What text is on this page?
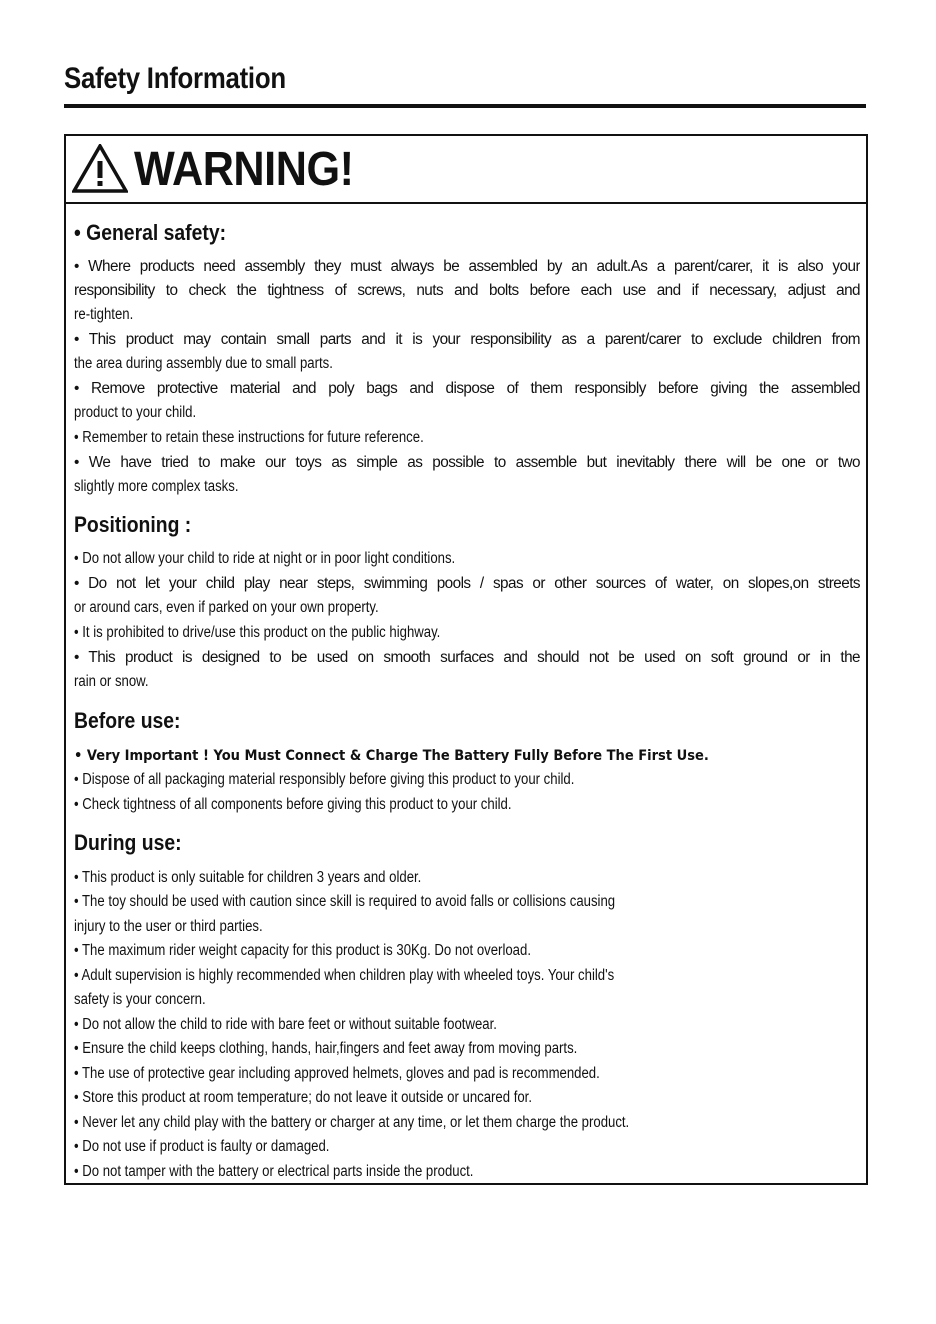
Safety Information
WARNING!
• General safety:
• Where products need assembly they must always be assembled by an adult.As a parent/carer, it is also your
responsibility to check the tightness of screws, nuts and bolts before each use and if necessary, adjust and
re-tighten.
• This product may contain small parts and it is your responsibility as a parent/carer to exclude children from
the area during assembly due to small parts.
• Remove protective material and poly bags and dispose of them responsibly before giving the assembled
product to your child.
• Remember to retain these instructions for future reference.
• We have tried to make our toys as simple as possible to assemble but inevitably there will be one or two
slightly more complex tasks.
Positioning :
• Do not allow your child to ride at night or in poor light conditions.
• Do not let your child play near steps, swimming pools / spas or other sources of water, on slopes,on streets
or around cars, even if parked on your own property.
• It is prohibited to drive/use this product on the public highway.
• This product is designed to be used on smooth surfaces and should not be used on soft ground or in the
rain or snow.
Before use:
• Very Important ! You Must Connect & Charge The Battery Fully Before The First Use.
• Dispose of all packaging material responsibly before giving this product to your child.
• Check tightness of all components before giving this product to your child.
During use:
• This product is only suitable for children 3 years and older.
• The toy should be used with caution since skill is required to avoid falls or collisions causing
injury to the user or third parties.
• The maximum rider weight capacity for this product is 30Kg. Do not overload.
• Adult supervision is highly recommended when children play with wheeled toys. Your child's
safety is your concern.
• Do not allow the child to ride with bare feet or without suitable footwear.
• Ensure the child keeps clothing, hands, hair,fingers and feet away from moving parts.
• The use of protective gear including approved helmets, gloves and pad is recommended.
• Store this product at room temperature; do not leave it outside or uncared for.
• Never let any child play with the battery or charger at any time, or let them charge the product.
• Do not use if product is faulty or damaged.
• Do not tamper with the battery or electrical parts inside the product.
